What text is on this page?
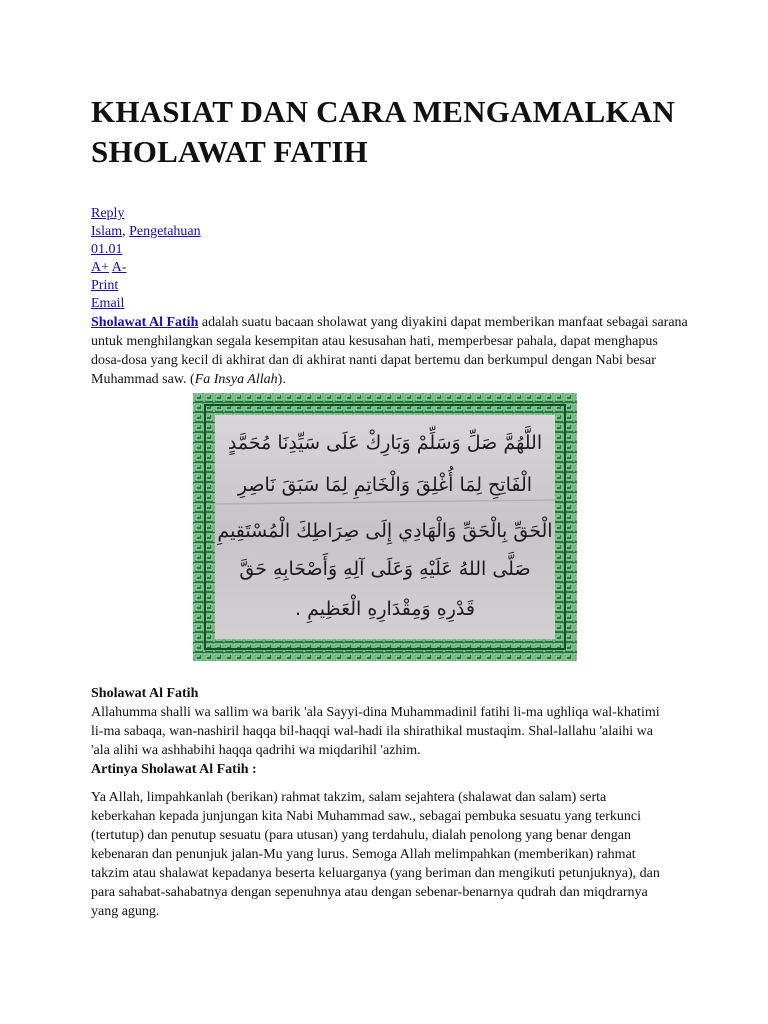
KHASIAT DAN CARA MENGAMALKAN SHOLAWAT FATIH
Reply
Islam, Pengetahuan
01.01
A+ A-
Print
Email

Sholawat Al Fatih adalah suatu bacaan sholawat yang diyakini dapat memberikan manfaat sebagai sarana untuk menghilangkan segala kesempitan atau kesusahan hati, memperbesar pahala, dapat menghapus dosa-dosa yang kecil di akhirat dan di akhirat nanti dapat bertemu dan berkumpul dengan Nabi besar Muhammad saw. (Fa Insya Allah).

اللَّهُمَّ صَلِّ وَسَلِّمْ وَبَارِكْ عَلَى سَيِّدِنَا مُحَمَّدٍ
الْفَاتِحِ لِمَا أُغْلِقَ وَالْخَاتِمِ لِمَا سَبَقَ نَاصِرِ
الْحَقِّ بِالْحَقِّ وَالْهَادِي إِلَى صِرَاطِكَ الْمُسْتَقِيمِ
صَلَّى اللهُ عَلَيْهِ وَعَلَى آلِهِ وَأَصْحَابِهِ حَقَّ
قَدْرِهِ وَمِقْدَارِهِ الْعَظِيمِ .
Sholawat Al Fatih
Allahumma shalli wa sallim wa barik 'ala Sayyi-dina Muhammadinil fatihi li-ma ughliqa wal-khatimi li-ma sabaqa, wan-nashiril haqqa bil-haqqi wal-hadi ila shirathikal mustaqim. Shal-lallahu 'alaihi wa 'ala alihi wa ashhabihi haqqa qadrihi wa miqdarihil 'azhim.
Artinya Sholawat Al Fatih :
Ya Allah, limpahkanlah (berikan) rahmat takzim, salam sejahtera (shalawat dan salam) serta keberkahan kepada junjungan kita Nabi Muhammad saw., sebagai pembuka sesuatu yang terkunci (tertutup) dan penutup sesuatu (para utusan) yang terdahulu, dialah penolong yang benar dengan kebenaran dan penunjuk jalan-Mu yang lurus. Semoga Allah melimpahkan (memberikan) rahmat takzim atau shalawat kepadanya beserta keluarganya (yang beriman dan mengikuti petunjuknya), dan para sahabat-sahabatnya dengan sepenuhnya atau dengan sebenar-benarnya qudrah dan miqdrarnya yang agung.
